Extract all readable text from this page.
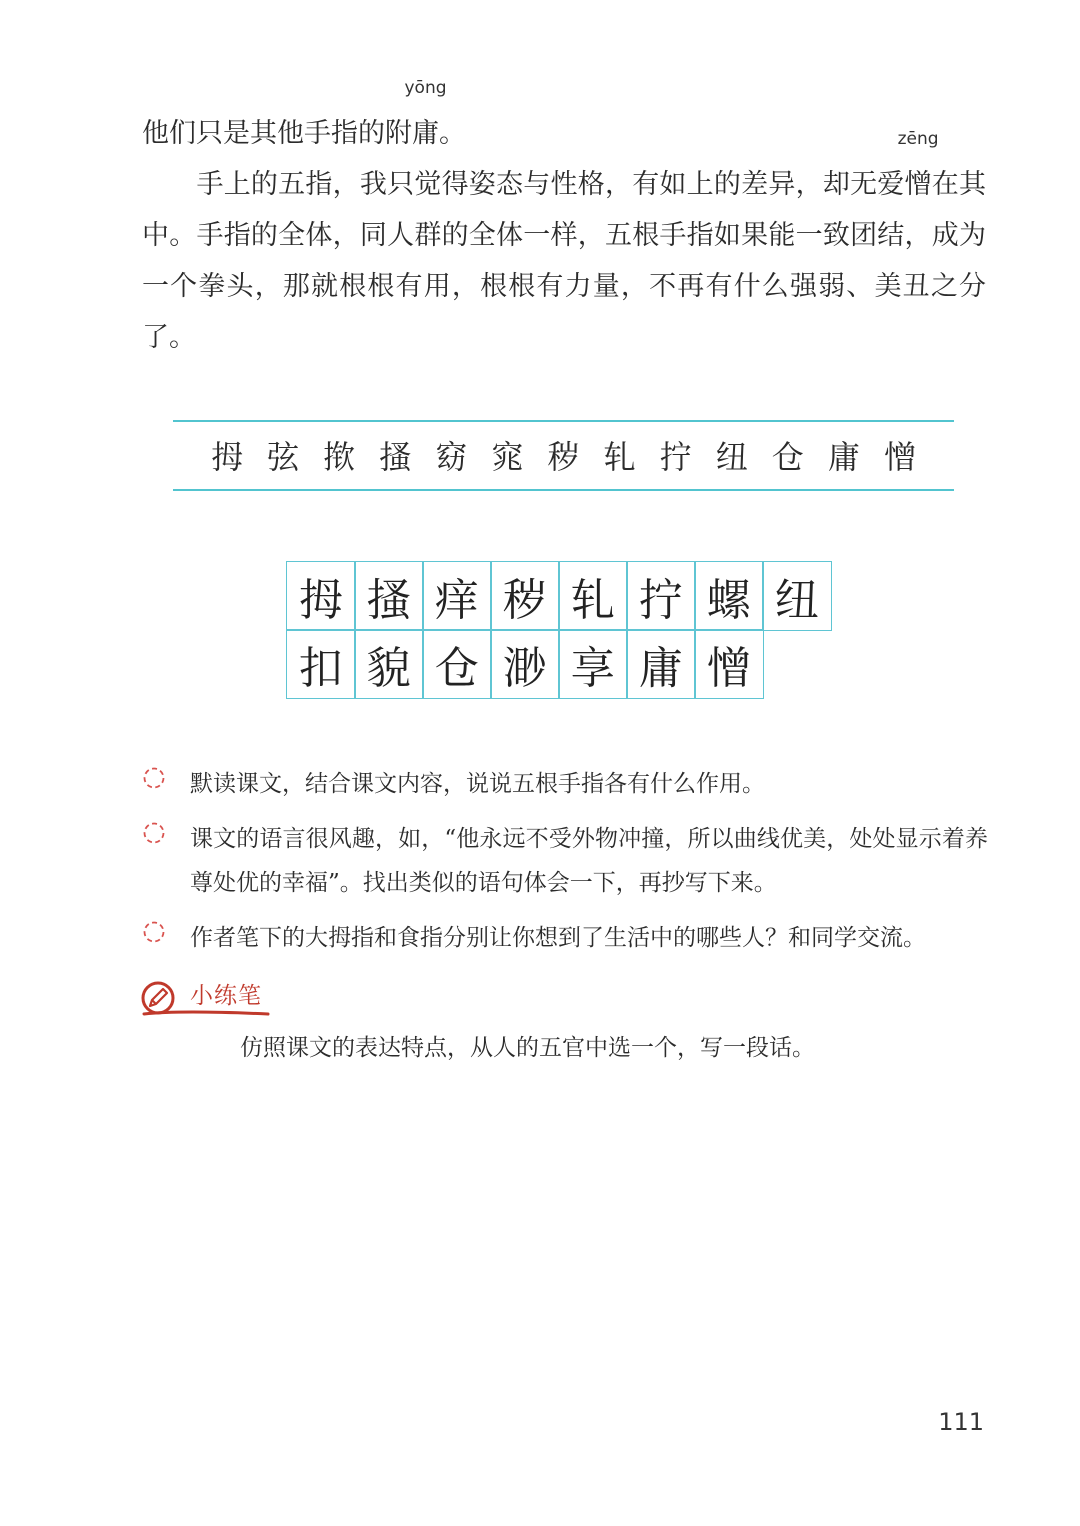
他们只是其他手指的附庸
yōng
。

　　手上的五指，我只觉得姿态与性格，有如上的差异，却无爱憎
zēng
在其中。手指的全体，同人群的全体一样，五根手指如果能一致团结，成为一个拳头，那就根根有用，根根有力量，不再有什么强弱、美丑之分了。

拇 弦 揿 搔 窈 窕 秽 轧 拧 纽 仓 庸 憎
拇 搔 痒 秽 轧 拧 螺 纽
扣 貌 仓 渺 享 庸 憎
默读课文，结合课文内容，说说五根手指各有什么作用。
课文的语言很风趣，如，“他永远不受外物冲撞，所以曲线优美，处处显示着养尊处优的幸福”。找出类似的语句体会一下，再抄写下来。
作者笔下的大拇指和食指分别让你想到了生活中的哪些人？和同学交流。
小练笔
仿照课文的表达特点，从人的五官中选一个，写一段话。
111
